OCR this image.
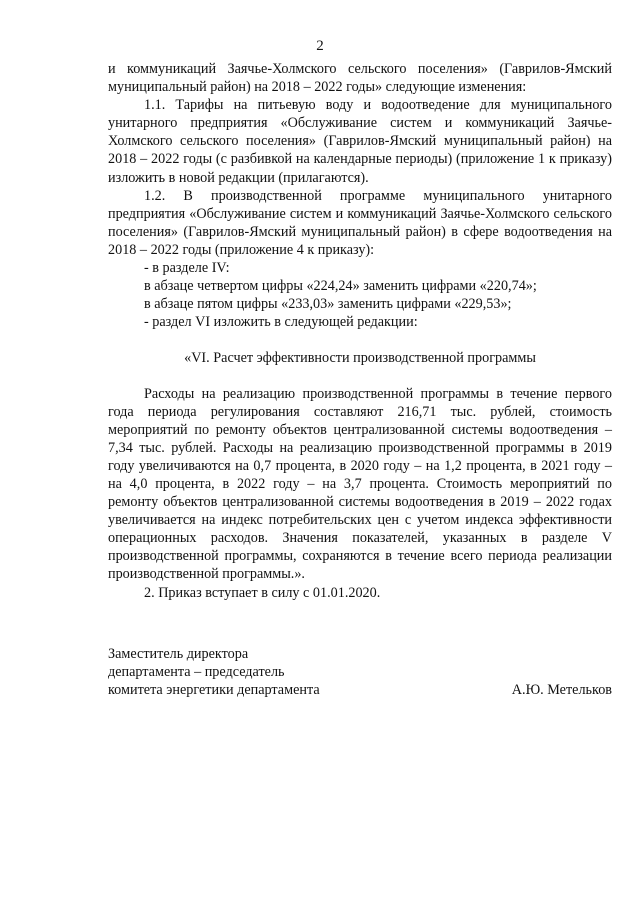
2

и коммуникаций Заячье-Холмского сельского поселения» (Гаврилов-Ямский муниципальный район) на 2018 – 2022 годы» следующие изменения:

1.1. Тарифы на питьевую воду и водоотведение для муниципального унитарного предприятия «Обслуживание систем и коммуникаций Заячье-Холмского сельского поселения» (Гаврилов-Ямский муниципальный район) на 2018 – 2022 годы (с разбивкой на календарные периоды) (приложение 1 к приказу) изложить в новой редакции (прилагаются).

1.2. В производственной программе муниципального унитарного предприятия «Обслуживание систем и коммуникаций Заячье-Холмского сельского поселения» (Гаврилов-Ямский муниципальный район) в сфере водоотведения на 2018 – 2022 годы (приложение 4 к приказу):

- в разделе IV:

в абзаце четвертом цифры «224,24» заменить цифрами «220,74»;

в абзаце пятом цифры «233,03» заменить цифрами «229,53»;

- раздел VI изложить в следующей редакции:

«VI. Расчет эффективности производственной программы

Расходы на реализацию производственной программы в течение первого года периода регулирования составляют 216,71 тыс. рублей, стоимость мероприятий по ремонту объектов централизованной системы водоотведения – 7,34 тыс. рублей. Расходы на реализацию производственной программы в 2019 году увеличиваются на 0,7 процента, в 2020 году – на 1,2 процента, в 2021 году – на 4,0 процента, в 2022 году – на 3,7 процента. Стоимость мероприятий по ремонту объектов централизованной системы водоотведения в 2019 – 2022 годах увеличивается на индекс потребительских цен с учетом индекса эффективности операционных расходов. Значения показателей, указанных в разделе V производственной программы, сохраняются в течение всего периода реализации производственной программы.».

2. Приказ вступает в силу с 01.01.2020.

Заместитель директора
департамента – председатель
комитета энергетики департамента	А.Ю. Метельков
